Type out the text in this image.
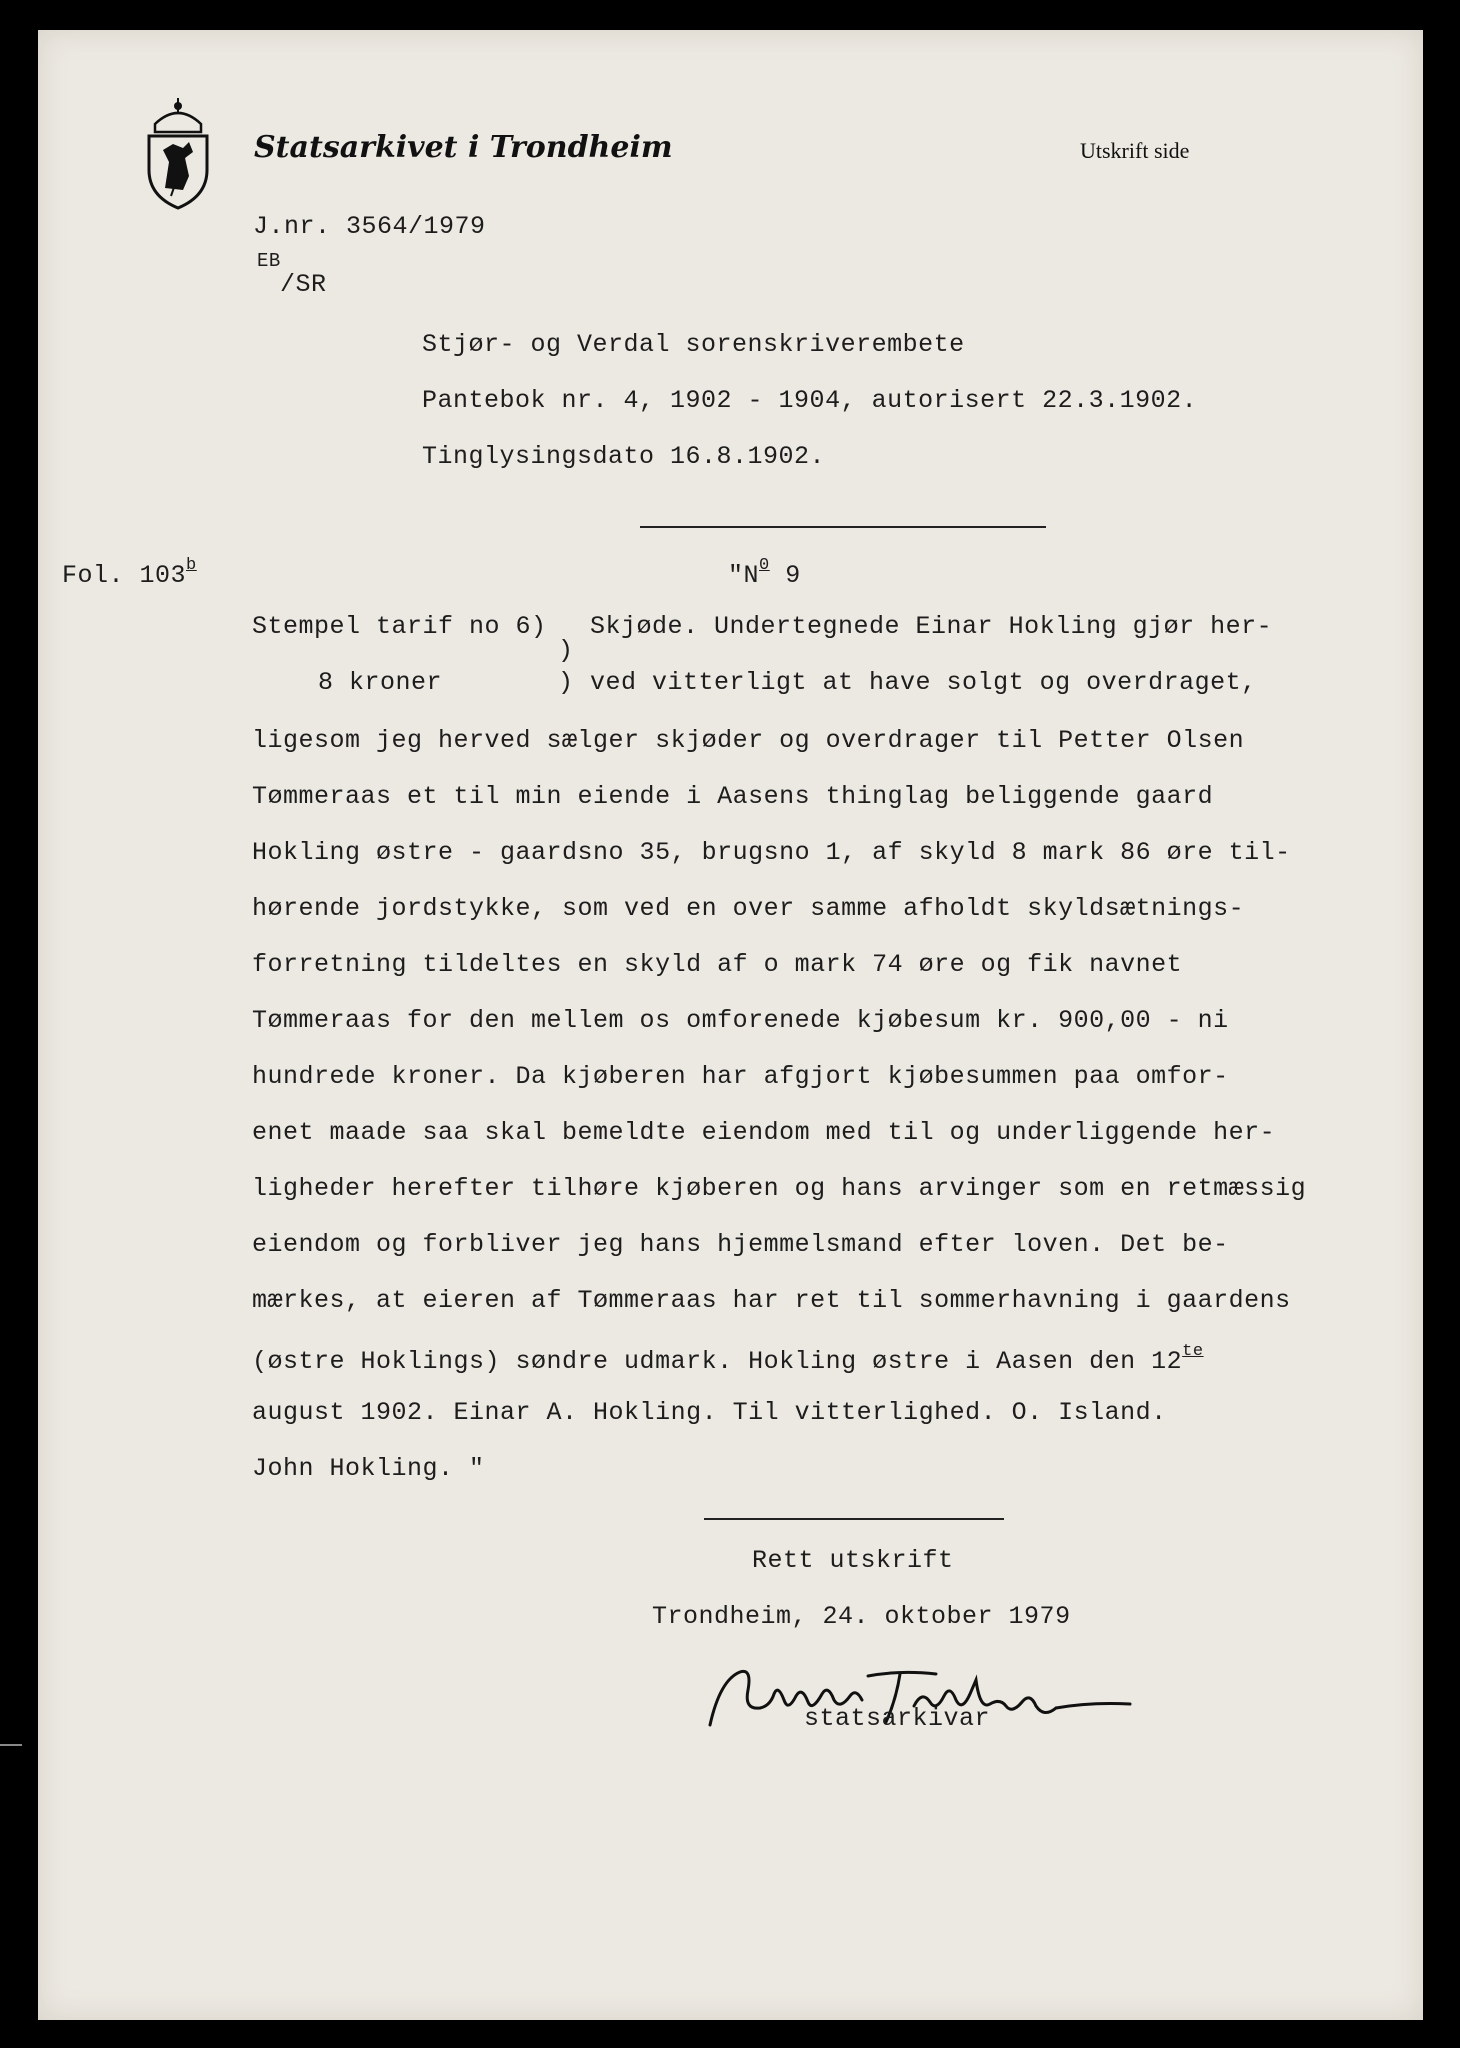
Statsarkivet i Trondheim	Utskrift side
J.nr. 3564/1979
EB
/SR
Stjør- og Verdal sorenskriverembete
Pantebok nr. 4, 1902 - 1904, autorisert 22.3.1902.
Tinglysingsdato 16.8.1902.
Fol. 103$^b$	"$N^0$ 9
Stempel tarif no 6)
)
8 kroner	)
Skjøde. Undertegnede Einar Hokling gjør her-
ved vitterligt at have solgt og overdraget,
ligesom jeg herved sælger skjøder og overdrager til Petter Olsen
Tømmeraas et til min eiende i Aasens thinglag beliggende gaard
Hokling østre - gaardsno 35, brugsno 1, af skyld 8 mark 86 øre til-
hørende jordstykke, som ved en over samme afholdt skyldsætnings-
forretning tildeltes en skyld af o mark 74 øre og fik navnet
Tømmeraas for den mellem os omforenede kjøbesum kr. 900,00 - ni
hundrede kroner. Da kjøberen har afgjort kjøbesummen paa omfor-
enet maade saa skal bemeldte eiendom med til og underliggende her-
ligheder herefter tilhøre kjøberen og hans arvinger som en retmæssig
eiendom og forbliver jeg hans hjemmelsmand efter loven. Det be-
mærkes, at eieren af Tømmeraas har ret til sommerhavning i gaardens
(østre Hoklings) søndre udmark. Hokling østre i Aasen den $12^{te}$
august 1902. Einar A. Hokling. Til vitterlighed. O. Island.
John Hokling. "
Rett utskrift
Trondheim, 24. oktober 1979
statsarkivar
